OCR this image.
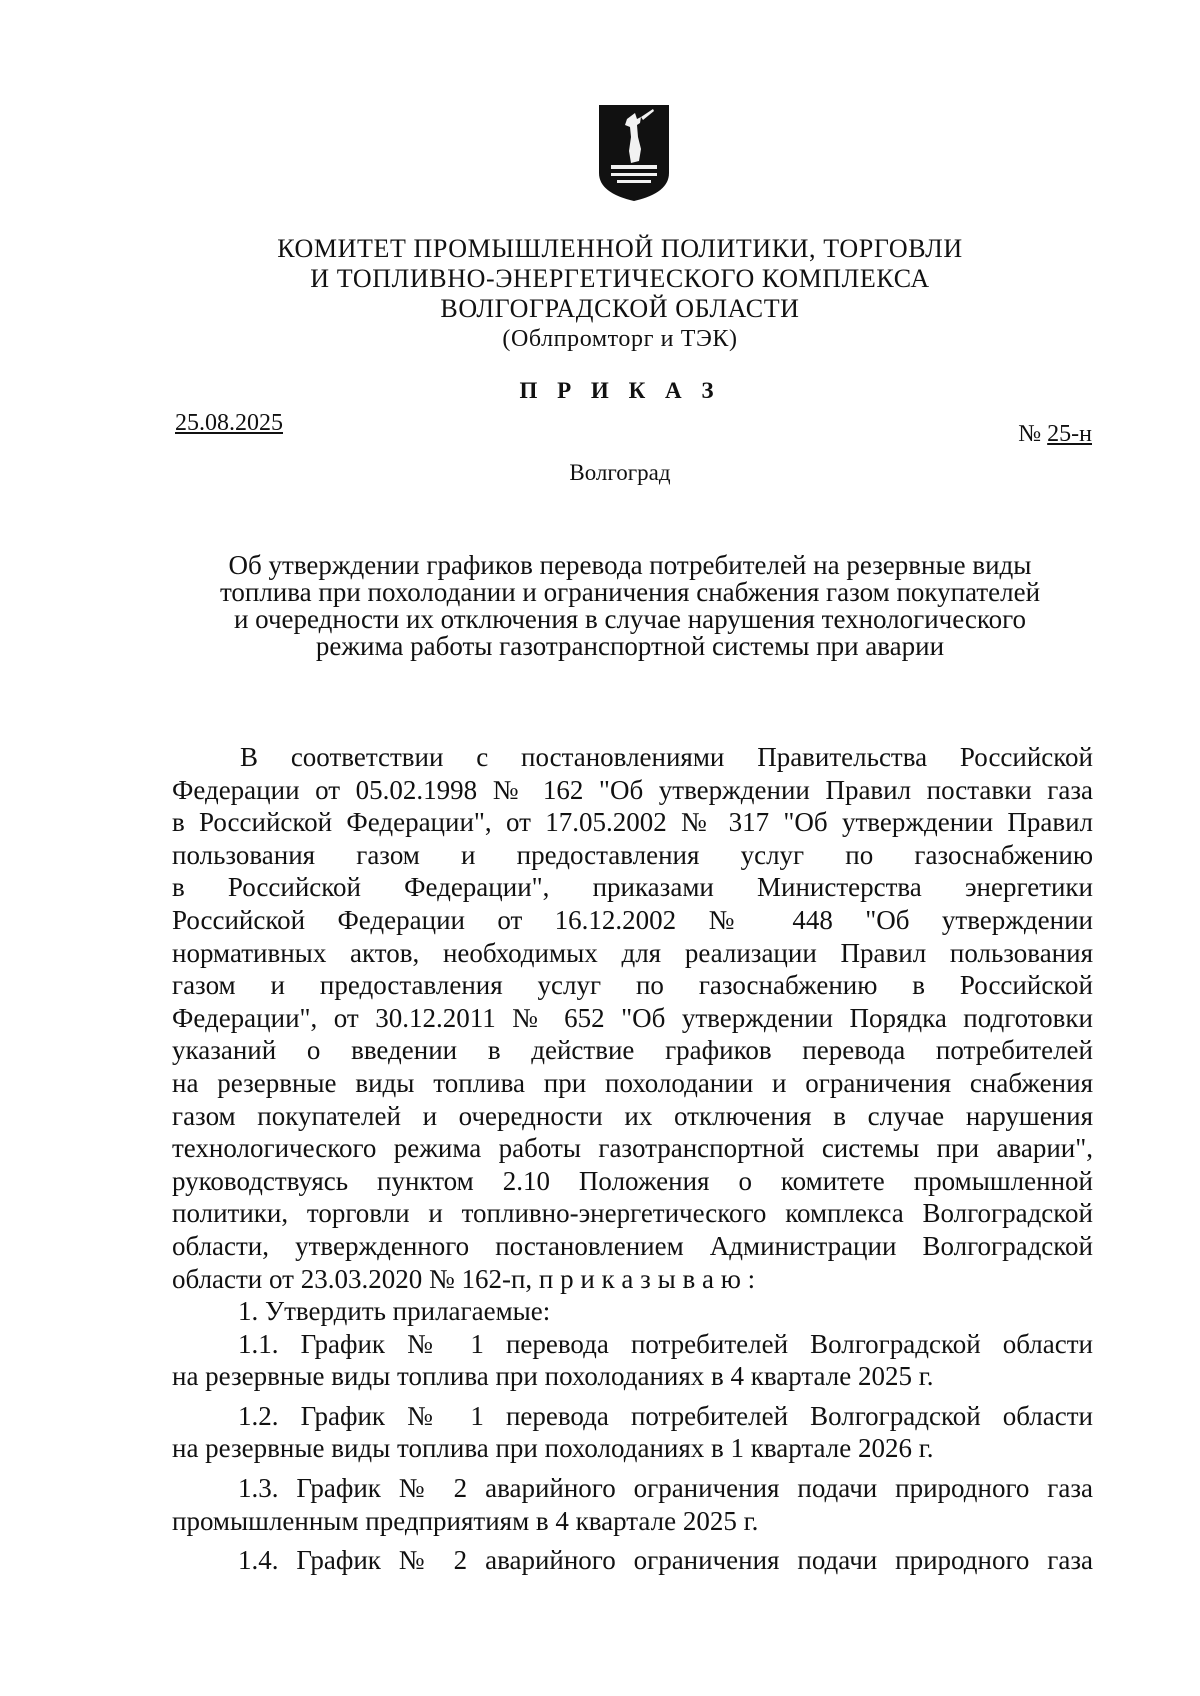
КОМИТЕТ ПРОМЫШЛЕННОЙ ПОЛИТИКИ, ТОРГОВЛИ
И ТОПЛИВНО-ЭНЕРГЕТИЧЕСКОГО КОМПЛЕКСА
ВОЛГОГРАДСКОЙ ОБЛАСТИ
(Облпромторг и ТЭК)
П Р И К А З
25.08.2025	№ 25-н
Волгоград
Об утверждении графиков перевода потребителей на резервные виды
топлива при похолодании и ограничения снабжения газом покупателей
и очередности их отключения в случае нарушения технологического
режима работы газотранспортной системы при аварии
В соответствии с постановлениями Правительства Российской
Федерации от 05.02.1998 № 162 "Об утверждении Правил поставки газа
в Российской Федерации", от 17.05.2002 № 317 "Об утверждении Правил
пользования газом и предоставления услуг по газоснабжению
в Российской Федерации", приказами Министерства энергетики
Российской Федерации от 16.12.2002 № 448 "Об утверждении
нормативных актов, необходимых для реализации Правил пользования
газом и предоставления услуг по газоснабжению в Российской
Федерации", от 30.12.2011 № 652 "Об утверждении Порядка подготовки
указаний о введении в действие графиков перевода потребителей
на резервные виды топлива при похолодании и ограничения снабжения
газом покупателей и очередности их отключения в случае нарушения
технологического режима работы газотранспортной системы при аварии",
руководствуясь пунктом 2.10 Положения о комитете промышленной
политики, торговли и топливно-энергетического комплекса Волгоградской
области, утвержденного постановлением Администрации Волгоградской
области от 23.03.2020 № 162-п, п р и к а з ы в а ю :
1. Утвердить прилагаемые:
1.1. График № 1 перевода потребителей Волгоградской области
на резервные виды топлива при похолоданиях в 4 квартале 2025 г.
1.2. График № 1 перевода потребителей Волгоградской области
на резервные виды топлива при похолоданиях в 1 квартале 2026 г.
1.3. График № 2 аварийного ограничения подачи природного газа
промышленным предприятиям в 4 квартале 2025 г.
1.4. График № 2 аварийного ограничения подачи природного газа
